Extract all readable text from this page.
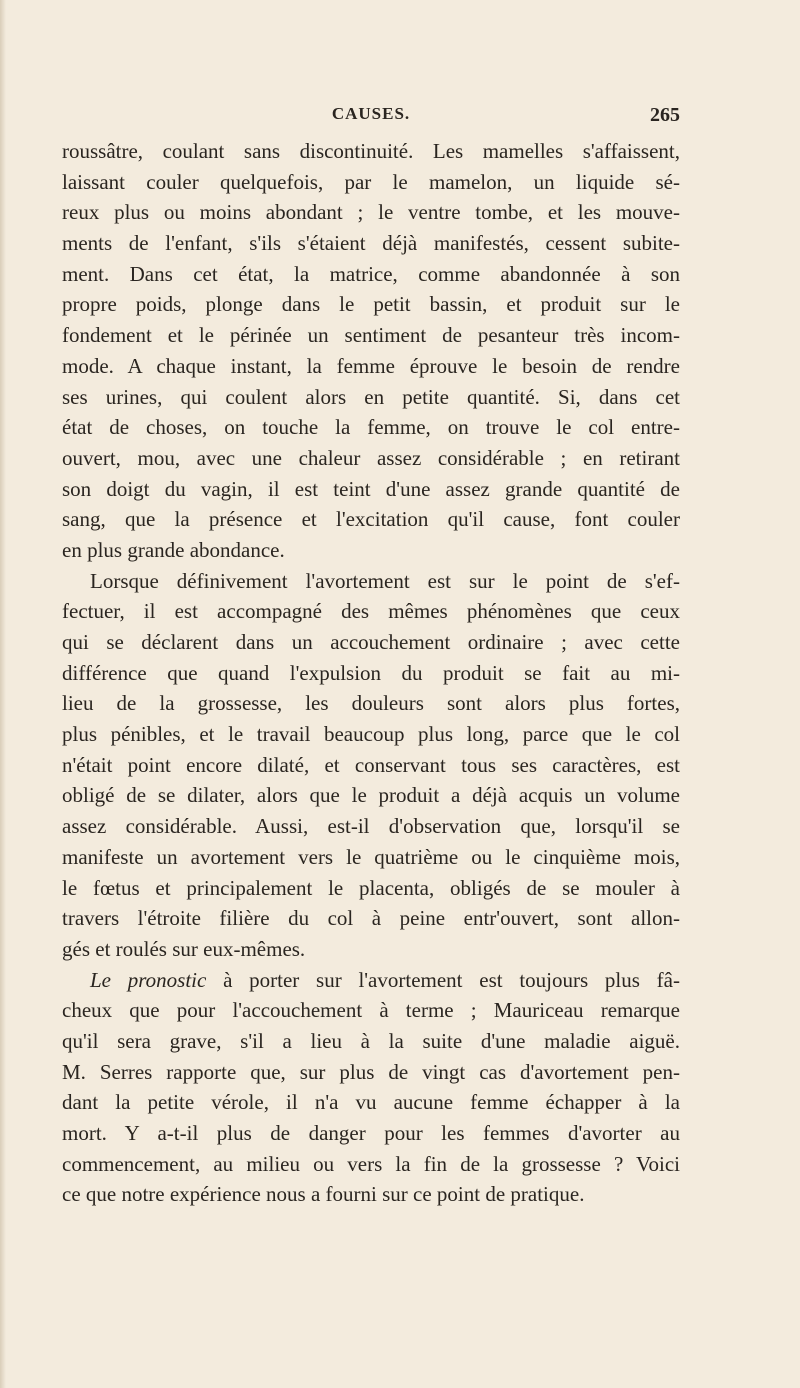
CAUSES.	265
roussâtre, coulant sans discontinuité. Les mamelles s'affaissent,
laissant couler quelquefois, par le mamelon, un liquide sé-
reux plus ou moins abondant ; le ventre tombe, et les mouve-
ments de l'enfant, s'ils s'étaient déjà manifestés, cessent subite-
ment. Dans cet état, la matrice, comme abandonnée à son
propre poids, plonge dans le petit bassin, et produit sur le
fondement et le périnée un sentiment de pesanteur très incom-
mode. A chaque instant, la femme éprouve le besoin de rendre
ses urines, qui coulent alors en petite quantité. Si, dans cet
état de choses, on touche la femme, on trouve le col entre-
ouvert, mou, avec une chaleur assez considérable ; en retirant
son doigt du vagin, il est teint d'une assez grande quantité de
sang, que la présence et l'excitation qu'il cause, font couler
en plus grande abondance.
Lorsque définivement l'avortement est sur le point de s'ef-
fectuer, il est accompagné des mêmes phénomènes que ceux
qui se déclarent dans un accouchement ordinaire ; avec cette
différence que quand l'expulsion du produit se fait au mi-
lieu de la grossesse, les douleurs sont alors plus fortes,
plus pénibles, et le travail beaucoup plus long, parce que le col
n'était point encore dilaté, et conservant tous ses caractères, est
obligé de se dilater, alors que le produit a déjà acquis un volume
assez considérable. Aussi, est-il d'observation que, lorsqu'il se
manifeste un avortement vers le quatrième ou le cinquième mois,
le fœtus et principalement le placenta, obligés de se mouler à
travers l'étroite filière du col à peine entr'ouvert, sont allon-
gés et roulés sur eux-mêmes.
Le pronostic à porter sur l'avortement est toujours plus fâ-
cheux que pour l'accouchement à terme ; Mauriceau remarque
qu'il sera grave, s'il a lieu à la suite d'une maladie aiguë.
M. Serres rapporte que, sur plus de vingt cas d'avortement pen-
dant la petite vérole, il n'a vu aucune femme échapper à la
mort. Y a-t-il plus de danger pour les femmes d'avorter au
commencement, au milieu ou vers la fin de la grossesse ? Voici
ce que notre expérience nous a fourni sur ce point de pratique.
